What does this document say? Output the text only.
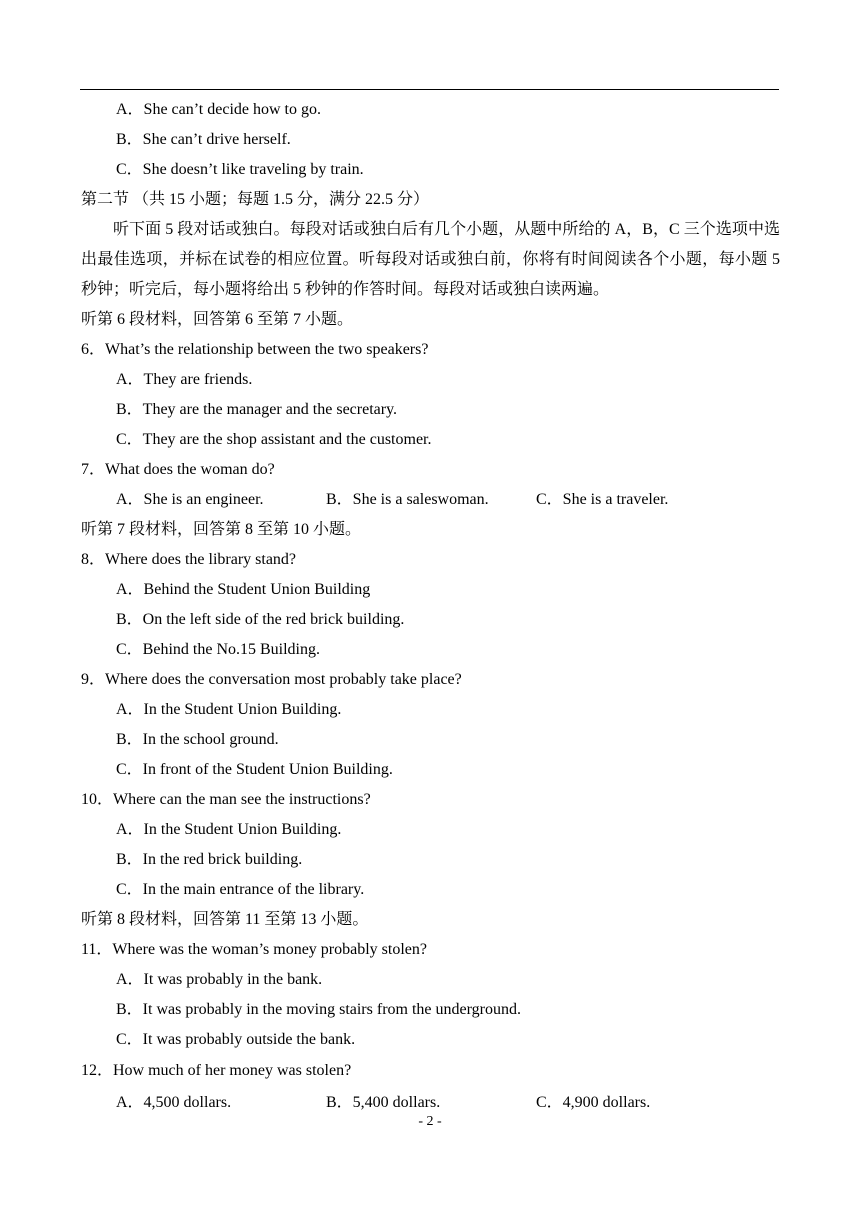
A．She can’t decide how to go.
B．She can’t drive herself.
C．She doesn’t like traveling by train.
第二节 （共 15 小题；每题 1.5 分，满分 22.5 分）
听下面 5 段对话或独白。每段对话或独白后有几个小题，从题中所给的 A，B，C 三个选项中选出最佳选项，并标在试卷的相应位置。听每段对话或独白前，你将有时间阅读各个小题，每小题 5 秒钟；听完后，每小题将给出 5 秒钟的作答时间。每段对话或独白读两遍。
听第 6 段材料，回答第 6 至第 7 小题。
6．What’s the relationship between the two speakers?
A．They are friends.
B．They are the manager and the secretary.
C．They are the shop assistant and the customer.
7．What does the woman do?
A．She is an engineer.	B．She is a saleswoman.	C．She is a traveler.
听第 7 段材料，回答第 8 至第 10 小题。
8．Where does the library stand?
A．Behind the Student Union Building
B．On the left side of the red brick building.
C．Behind the No.15 Building.
9．Where does the conversation most probably take place?
A．In the Student Union Building.
B．In the school ground.
C．In front of the Student Union Building.
10．Where can the man see the instructions?
A．In the Student Union Building.
B．In the red brick building.
C．In the main entrance of the library.
听第 8 段材料，回答第 11 至第 13 小题。
11．Where was the woman’s money probably stolen?
A．It was probably in the bank.
B．It was probably in the moving stairs from the underground.
C．It was probably outside the bank.
12．How much of her money was stolen?
A．4,500 dollars.	B．5,400 dollars.	C．4,900 dollars.
- 2 -
